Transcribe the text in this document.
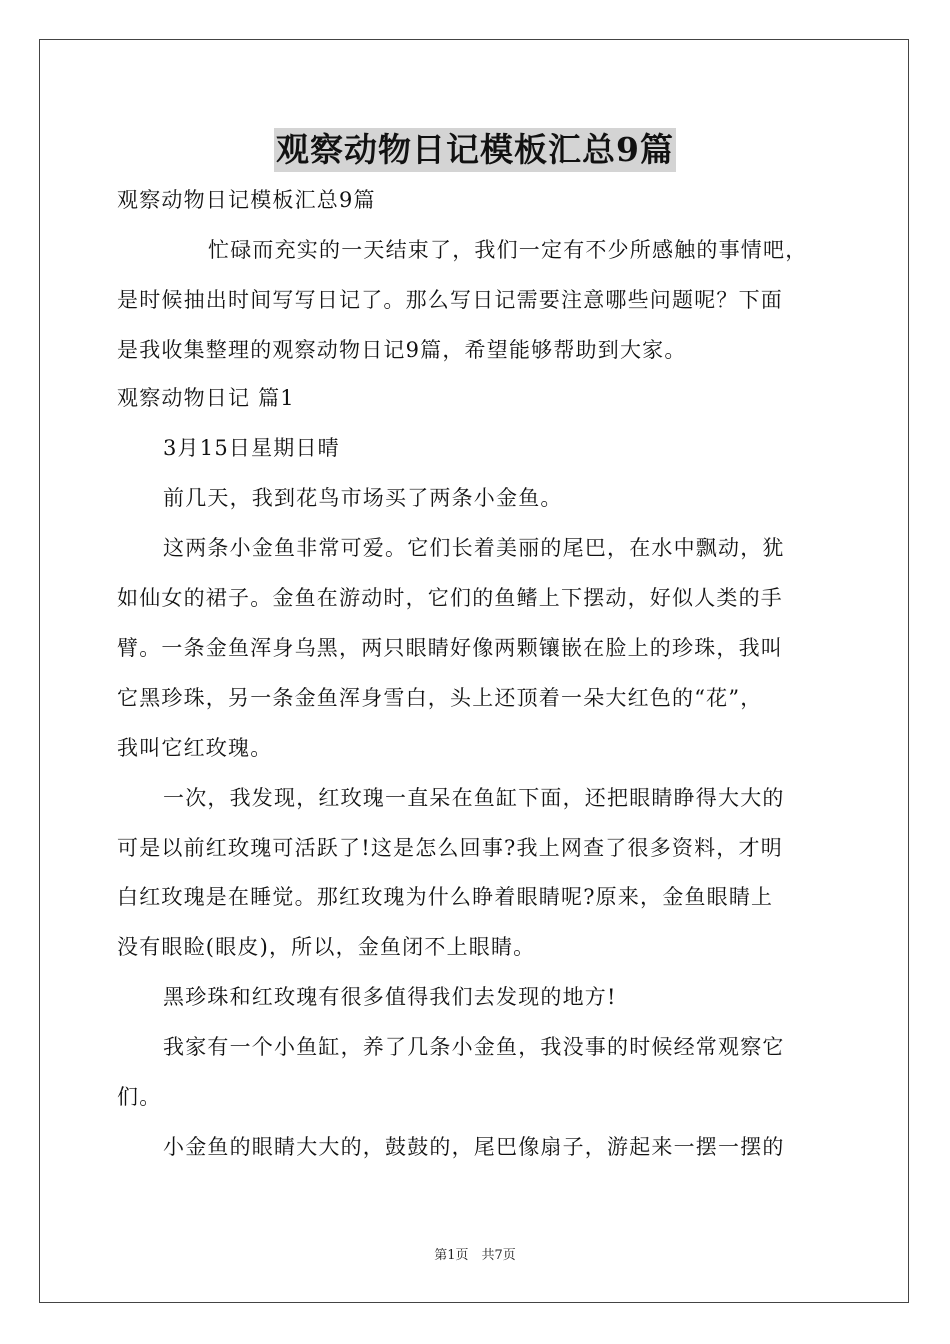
观察动物日记模板汇总9篇
观察动物日记模板汇总9篇
忙碌而充实的一天结束了，我们一定有不少所感触的事情吧，
是时候抽出时间写写日记了。那么写日记需要注意哪些问题呢？下面
是我收集整理的观察动物日记9篇，希望能够帮助到大家。
观察动物日记 篇1
3月15日星期日晴
前几天，我到花鸟市场买了两条小金鱼。
这两条小金鱼非常可爱。它们长着美丽的尾巴，在水中飘动，犹
如仙女的裙子。金鱼在游动时，它们的鱼鳍上下摆动，好似人类的手
臂。一条金鱼浑身乌黑，两只眼睛好像两颗镶嵌在脸上的珍珠，我叫
它黑珍珠，另一条金鱼浑身雪白，头上还顶着一朵大红色的“花”，
我叫它红玫瑰。
一次，我发现，红玫瑰一直呆在鱼缸下面，还把眼睛睁得大大的
可是以前红玫瑰可活跃了!这是怎么回事?我上网查了很多资料，才明
白红玫瑰是在睡觉。那红玫瑰为什么睁着眼睛呢?原来，金鱼眼睛上
没有眼睑(眼皮)，所以，金鱼闭不上眼睛。
黑珍珠和红玫瑰有很多值得我们去发现的地方!
我家有一个小鱼缸，养了几条小金鱼，我没事的时候经常观察它
们。
小金鱼的眼睛大大的，鼓鼓的，尾巴像扇子，游起来一摆一摆的
第1页　共7页
